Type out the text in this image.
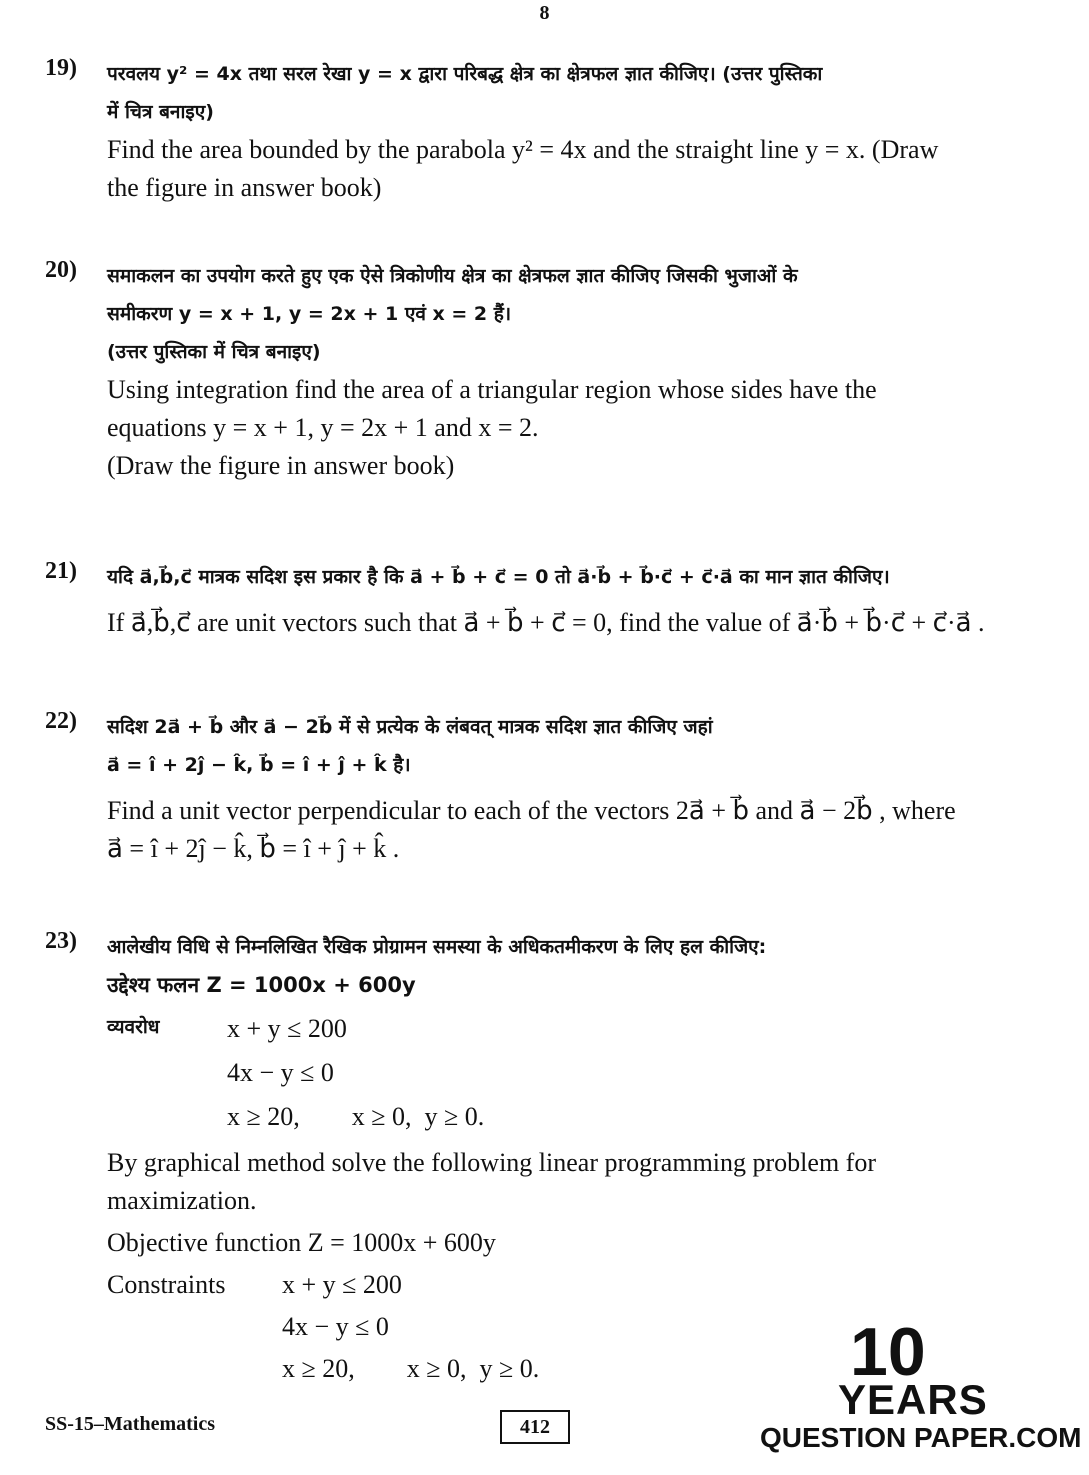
8
19) परवलय y² = 4x तथा सरल रेखा y = x द्वारा परिबद्ध क्षेत्र का क्षेत्रफल ज्ञात कीजिए। (उत्तर पुस्तिका

में चित्र बनाइए)

Find the area bounded by the parabola y² = 4x and the straight line y = x. (Draw

the figure in answer book)

20) समाकलन का उपयोग करते हुए एक ऐसे त्रिकोणीय क्षेत्र का क्षेत्रफल ज्ञात कीजिए जिसकी भुजाओं के

समीकरण y = x + 1, y = 2x + 1 एवं x = 2 हैं।

(उत्तर पुस्तिका में चित्र बनाइए)

Using integration find the area of a triangular region whose sides have the

equations y = x + 1, y = 2x + 1 and x = 2.

(Draw the figure in answer book)

21) यदि a⃗,b⃗,c⃗ मात्रक सदिश इस प्रकार है कि a⃗ + b⃗ + c⃗ = 0 तो a⃗·b⃗ + b⃗·c⃗ + c⃗·a⃗ का मान ज्ञात कीजिए।

If a⃗,b⃗,c⃗ are unit vectors such that a⃗ + b⃗ + c⃗ = 0, find the value of a⃗·b⃗ + b⃗·c⃗ + c⃗·a⃗ .

22) सदिश 2a⃗ + b⃗ और a⃗ − 2b⃗ में से प्रत्येक के लंबवत् मात्रक सदिश ज्ञात कीजिए जहां

a⃗ = î + 2ĵ − k̂, b⃗ = î + ĵ + k̂ है।

Find a unit vector perpendicular to each of the vectors 2a⃗ + b⃗ and a⃗ − 2b⃗ , where

a⃗ = î + 2ĵ − k̂, b⃗ = î + ĵ + k̂ .

23) आलेखीय विधि से निम्नलिखित रैखिक प्रोग्रामन समस्या के अधिकतमीकरण के लिए हल कीजिए:

उद्देश्य फलन Z = 1000x + 600y

व्यवरोध	x + y ≤ 200

4x − y ≤ 0

x ≥ 20,        x ≥ 0,  y ≥ 0.

By graphical method solve the following linear programming problem for

maximization.

Objective function Z = 1000x + 600y

Constraints	x + y ≤ 200

4x − y ≤ 0

x ≥ 20,        x ≥ 0,  y ≥ 0.

SS-15–Mathematics	412
10
YEARS
QUESTION PAPER.COM
